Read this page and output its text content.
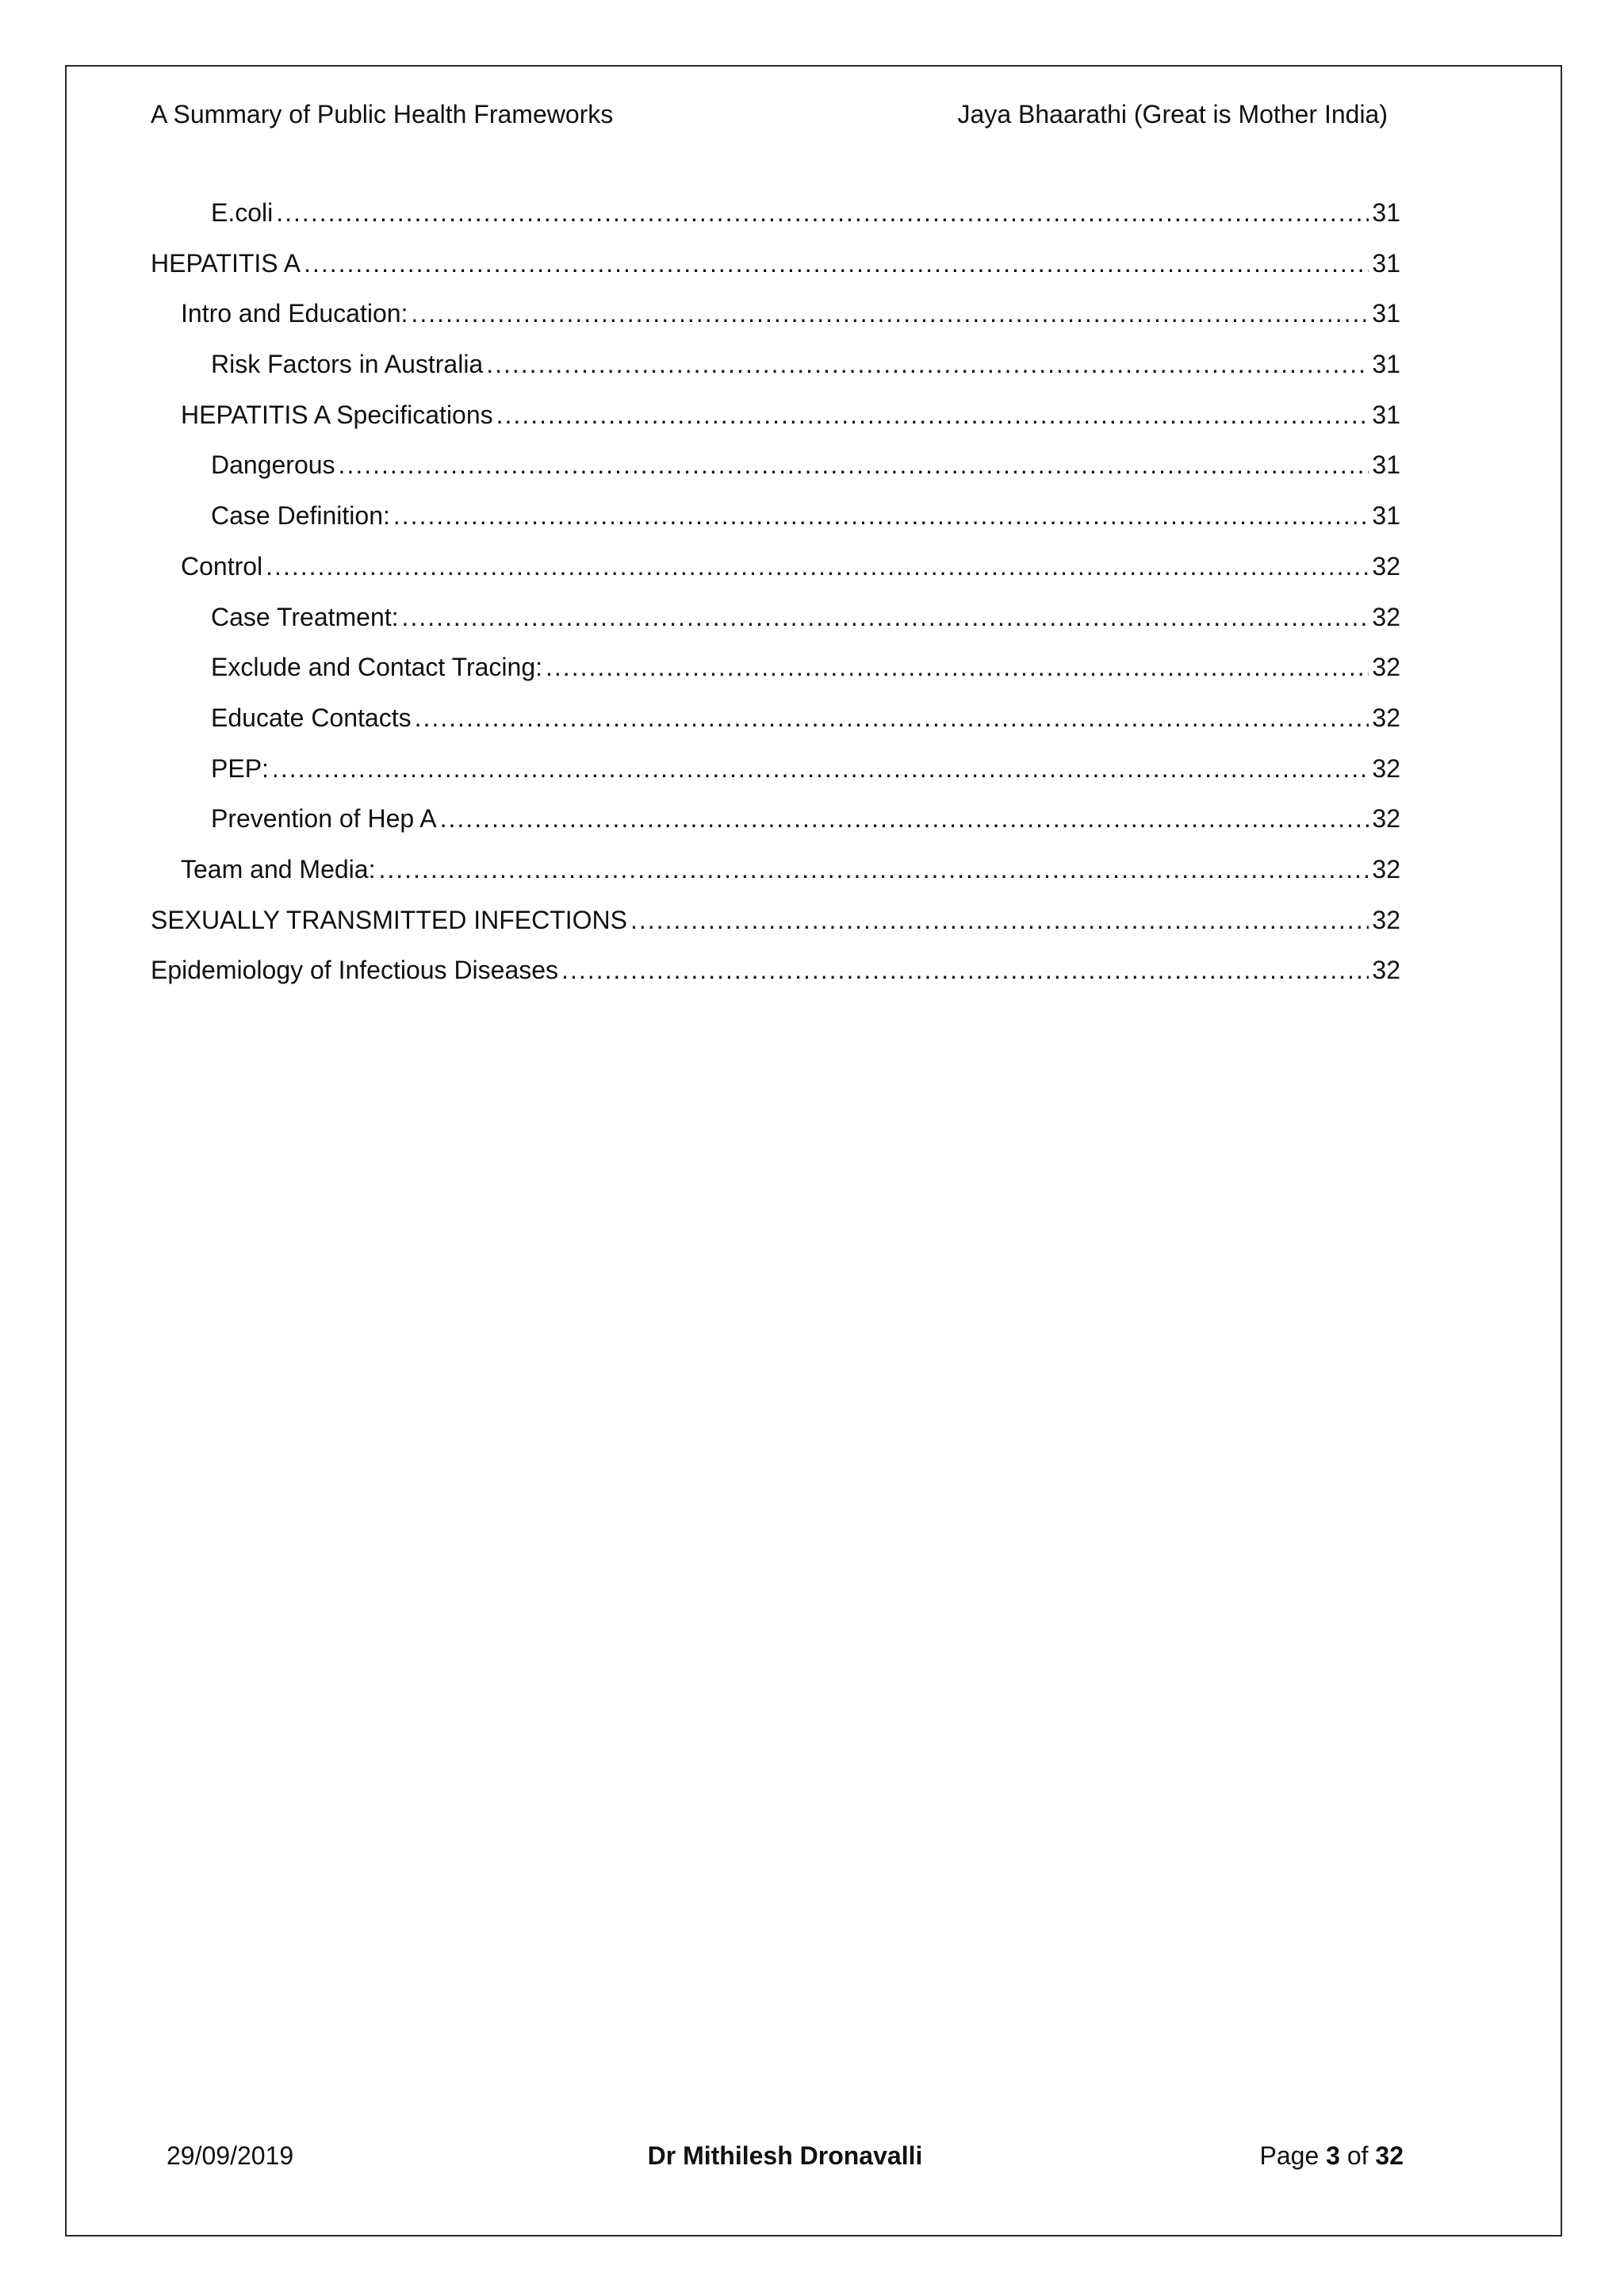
A Summary of Public Health Frameworks	Jaya Bhaarathi (Great is Mother India)
E.coli .....	31
HEPATITIS A .....	31
Intro and Education: .....	31
Risk Factors in Australia .....	31
HEPATITIS A Specifications .....	31
Dangerous .....	31
Case Definition: .....	31
Control .....	32
Case Treatment: .....	32
Exclude and Contact Tracing: .....	32
Educate Contacts .....	32
PEP: .....	32
Prevention of Hep A .....	32
Team and Media: .....	32
SEXUALLY TRANSMITTED INFECTIONS .....	32
Epidemiology of Infectious Diseases .....	32
29/09/2019	Dr Mithilesh Dronavalli	Page 3 of 32
